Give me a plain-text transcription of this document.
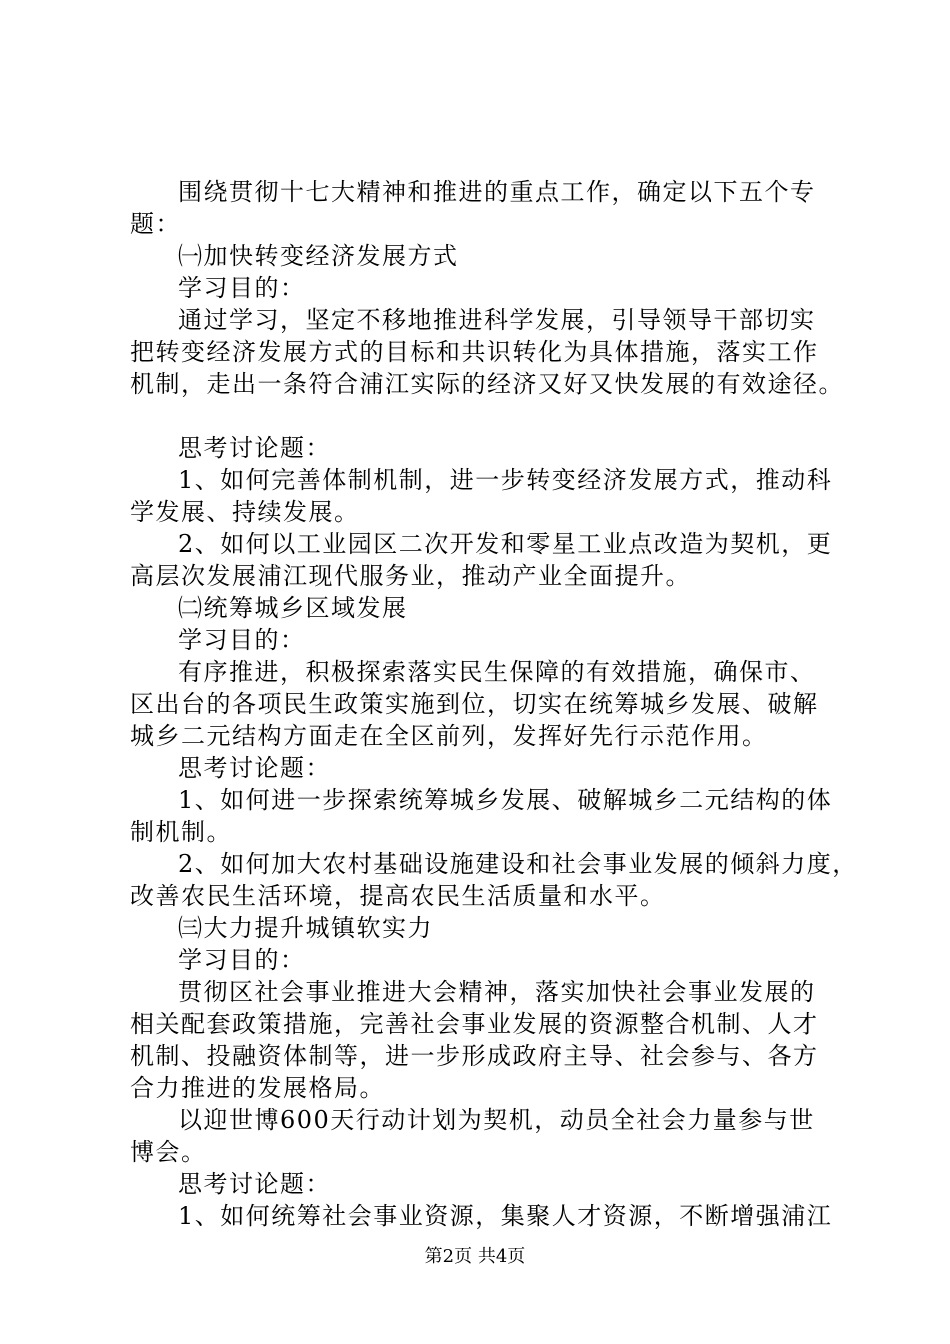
围绕贯彻十七大精神和推进的重点工作，确定以下五个专
题：
㈠加快转变经济发展方式
学习目的：
通过学习，坚定不移地推进科学发展，引导领导干部切实
把转变经济发展方式的目标和共识转化为具体措施，落实工作
机制，走出一条符合浦江实际的经济又好又快发展的有效途径。
思考讨论题：
1、如何完善体制机制，进一步转变经济发展方式，推动科
学发展、持续发展。
2、如何以工业园区二次开发和零星工业点改造为契机，更
高层次发展浦江现代服务业，推动产业全面提升。
㈡统筹城乡区域发展
学习目的：
有序推进，积极探索落实民生保障的有效措施，确保市、
区出台的各项民生政策实施到位，切实在统筹城乡发展、破解
城乡二元结构方面走在全区前列，发挥好先行示范作用。
思考讨论题：
1、如何进一步探索统筹城乡发展、破解城乡二元结构的体
制机制。
2、如何加大农村基础设施建设和社会事业发展的倾斜力度，
改善农民生活环境，提高农民生活质量和水平。
㈢大力提升城镇软实力
学习目的：
贯彻区社会事业推进大会精神，落实加快社会事业发展的
相关配套政策措施，完善社会事业发展的资源整合机制、人才
机制、投融资体制等，进一步形成政府主导、社会参与、各方
合力推进的发展格局。
以迎世博600天行动计划为契机，动员全社会力量参与世
博会。
思考讨论题：
1、如何统筹社会事业资源，集聚人才资源，不断增强浦江
第2页 共4页
